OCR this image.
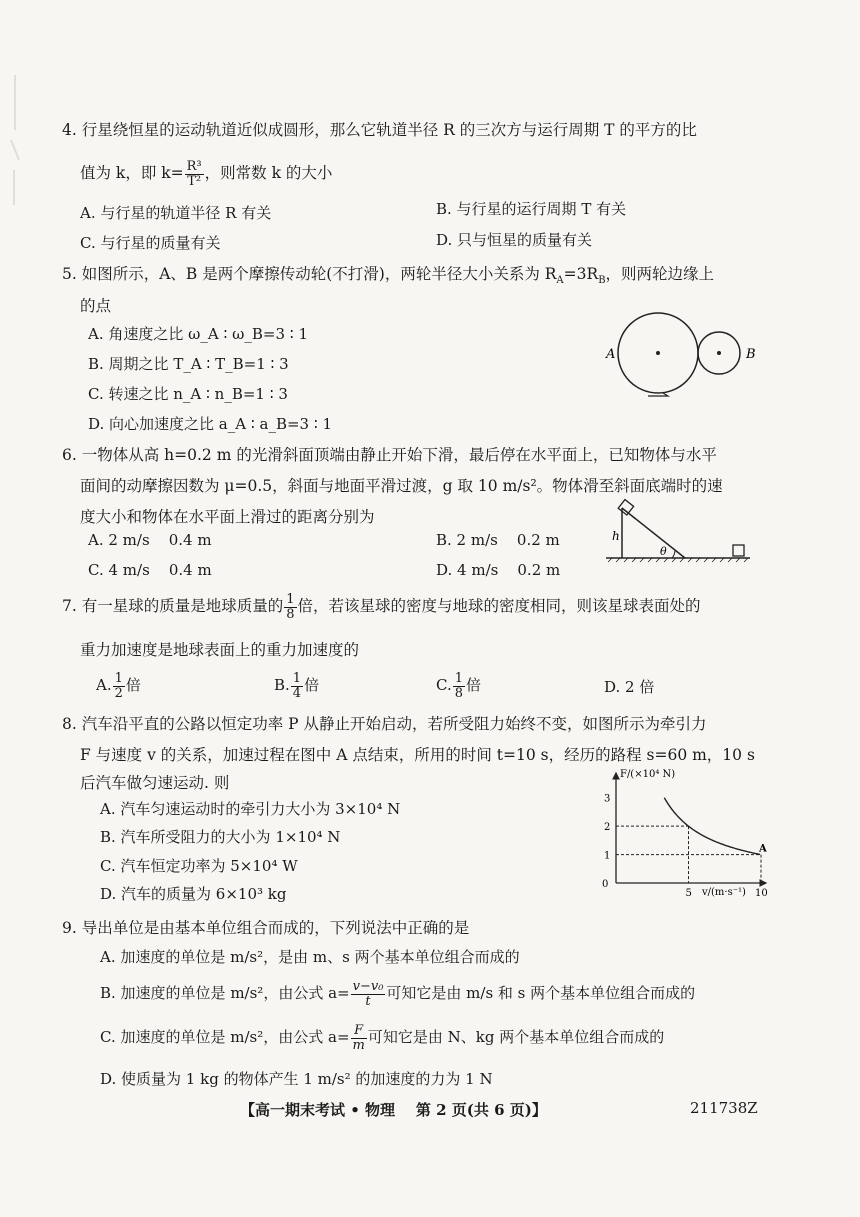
4. 行星绕恒星的运动轨道近似成圆形，那么它轨道半径 R 的三次方与运行周期 T 的平方的比
值为 k，即 $k= \frac{\text{R³}}{\text{T²}}$ ，则常数 k 的大小
A. 与行星的轨道半径 R 有关	B. 与行星的运行周期 T 有关
C. 与行星的质量有关	D. 只与恒星的质量有关
5. 如图所示，A、B 是两个摩擦传动轮(不打滑)，两轮半径大小关系为 $R_A=3R_B$，则两轮边缘上
的点
A. 角速度之比 ω_A ∶ ω_B=3 ∶ 1
B. 周期之比 T_A ∶ T_B=1 ∶ 3
C. 转速之比 n_A ∶ n_B=1 ∶ 3
D. 向心加速度之比 a_A ∶ a_B=3 ∶ 1
A	B
6. 一物体从高 h=0.2 m 的光滑斜面顶端由静止开始下滑，最后停在水平面上，已知物体与水平
面间的动摩擦因数为 μ=0.5，斜面与地面平滑过渡，g 取 10 m/s²。物体滑至斜面底端时的速
度大小和物体在水平面上滑过的距离分别为
A. 2 m/s    0.4 m	B. 2 m/s    0.2 m
C. 4 m/s    0.4 m	D. 4 m/s    0.2 m
h
θ
7. 有一星球的质量是地球质量的 $\frac{1}{8}$ 倍，若该星球的密度与地球的密度相同，则该星球表面处的
重力加速度是地球表面上的重力加速度的
A. $\frac{1}{2}$ 倍	B. $\frac{1}{4}$ 倍	C. $\frac{1}{8}$ 倍	D. 2 倍
8. 汽车沿平直的公路以恒定功率 P 从静止开始启动，若所受阻力始终不变，如图所示为牵引力
F 与速度 v 的关系，加速过程在图中 A 点结束，所用的时间 t=10 s，经历的路程 s=60 m，10 s
后汽车做匀速运动. 则
A. 汽车匀速运动时的牵引力大小为 3×10⁴ N
B. 汽车所受阻力的大小为 1×10⁴ N
C. 汽车恒定功率为 5×10⁴ W
D. 汽车的质量为 6×10³ kg
F/(×10⁴ N)
v/(m·s⁻¹)
0
1
2
3
5	10
A
9. 导出单位是由基本单位组合而成的，下列说法中正确的是
A. 加速度的单位是 m/s²，是由 m、s 两个基本单位组合而成的
B. 加速度的单位是 m/s²，由公式 $a= \frac{\text{v−v₀}}{t}$ 可知它是由 m/s 和 s 两个基本单位组合而成的
C. 加速度的单位是 m/s²，由公式 $a= \frac{F}{m}$ 可知它是由 N、kg 两个基本单位组合而成的
D. 使质量为 1 kg 的物体产生 1 m/s² 的加速度的力为 1 N
【高一期末考试 • 物理    第 2 页(共 6 页)】	211738Z
